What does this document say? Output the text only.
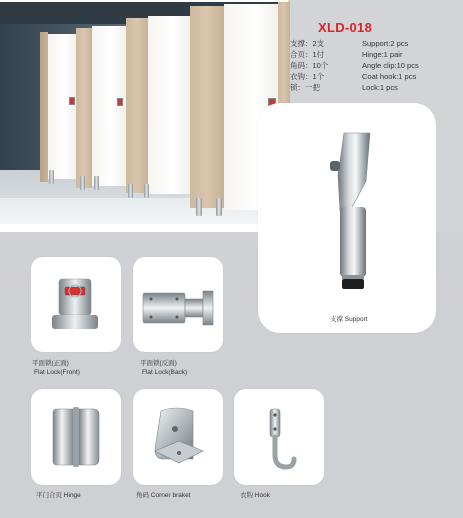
XLD-018
支撑：2支	Support:2 pcs
合页：1付	Hinge:1 pair
角码：10个	Angle clip:10 pcs
衣钩：1个	Coat hook:1 pcs
锁：一把	Lock:1 pcs
支撑 Support
平面锁(正面)
Flat Lock(Front)
平面锁(反面)
Flat Lock(Back)
平门合页 Hinge	角码 Corner braket	衣钩 Hook
